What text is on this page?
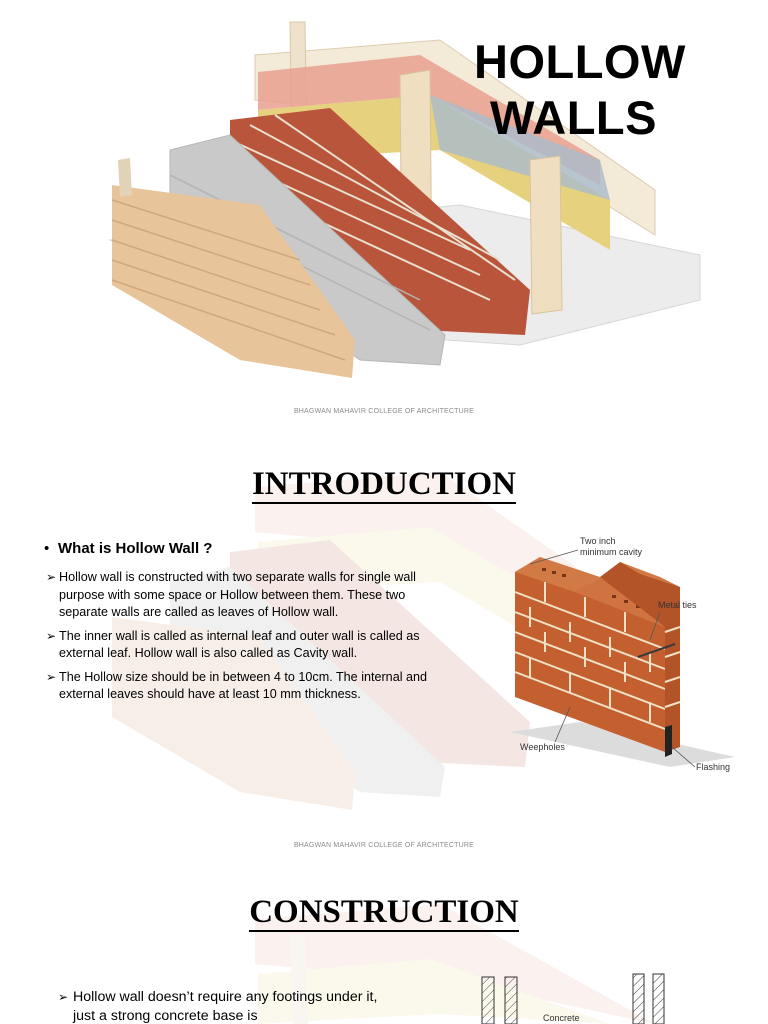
HOLLOW
WALLS
BHAGWAN MAHAVIR COLLEGE OF ARCHITECTURE
INTRODUCTION
• What is Hollow Wall ?
➢ Hollow wall is constructed with two separate walls for single wall purpose with some space or Hollow between them. These two separate walls are called as leaves of Hollow wall.
➢ The inner wall is called as internal leaf and outer wall is called as external leaf. Hollow wall is also called as Cavity wall.
➢ The Hollow size should be in between 4 to 10cm. The internal and external leaves should have at least 10 mm thickness.
Two inch
minimum cavity
Metal ties
Weepholes
Flashing
BHAGWAN MAHAVIR COLLEGE OF ARCHITECTURE
CONSTRUCTION
➢ Hollow wall doesn’t require any footings under it, just a strong concrete base is	Concrete
